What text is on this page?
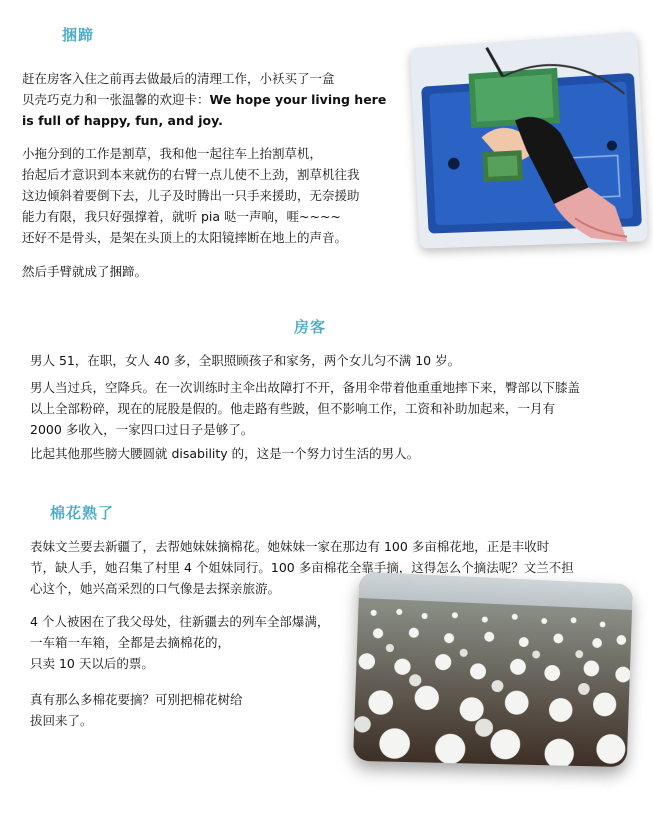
捆蹄

赶在房客入住之前再去做最后的清理工作，小袄买了一盒

贝壳巧克力和一张温馨的欢迎卡：We hope your living here

is full of happy, fun, and joy.

小拖分到的工作是割草，我和他一起往车上抬割草机，

抬起后才意识到本来就伤的右臂一点儿使不上劲，割草机往我

这边倾斜着要倒下去，儿子及时腾出一只手来援助，无奈援助

能力有限，我只好强撑着，就听 pia 哒一声响，啀~~~~

还好不是骨头，是架在头顶上的太阳镜摔断在地上的声音。

然后手臂就成了捆蹄。

房客

男人 51，在职，女人 40 多，全职照顾孩子和家务，两个女儿匀不满 10 岁。

男人当过兵，空降兵。在一次训练时主伞出故障打不开，备用伞带着他重重地摔下来，臀部以下膝盖

以上全部粉碎，现在的屁股是假的。他走路有些跛，但不影响工作，工资和补助加起来，一月有

2000 多收入，一家四口过日子是够了。

比起其他那些膀大腰圆就 disability 的，这是一个努力讨生活的男人。

棉花熟了

表妹文兰要去新疆了，去帮她妹妹摘棉花。她妹妹一家在那边有 100 多亩棉花地，正是丰收时

节，缺人手，她召集了村里 4 个姐妹同行。100 多亩棉花全靠手摘，这得怎么个摘法呢？文兰不担

心这个，她兴高采烈的口气像是去探亲旅游。

4 个人被困在了我父母处，往新疆去的列车全部爆满，

一车箱一车箱，全都是去摘棉花的，

只卖 10 天以后的票。

真有那么多棉花要摘？可别把棉花树给

拔回来了。
